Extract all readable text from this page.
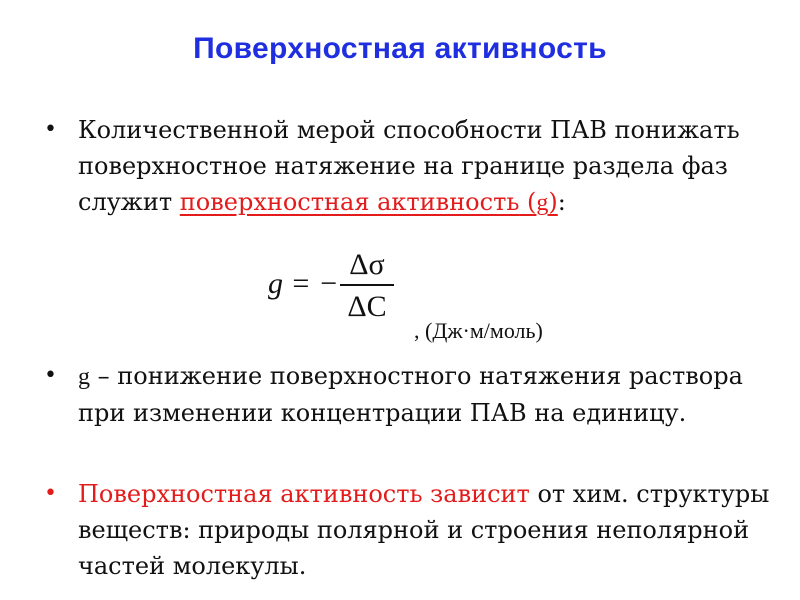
Поверхностная активность
• Количественной мерой способности ПАВ понижать поверхностное натяжение на границе раздела фаз служит поверхностная активность (g):
g = −
Δσ
ΔC
, (Дж·м/моль)
• g – понижение поверхностного натяжения раствора при изменении концентрации ПАВ на единицу.
• Поверхностная активность зависит от хим. структуры веществ: природы полярной и строения неполярной частей молекулы.
